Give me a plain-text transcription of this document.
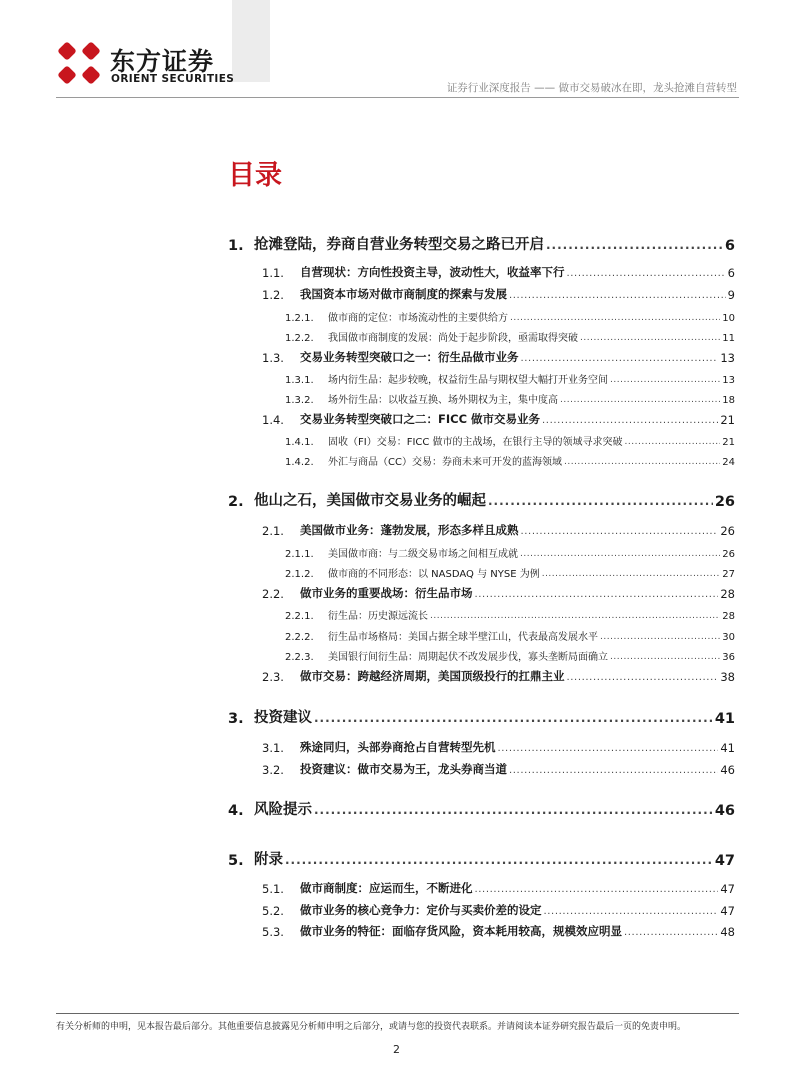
东方证券
ORIENT SECURITIES
证券行业深度报告 —— 做市交易破冰在即，龙头抢滩自营转型
目录
1. 抢滩登陆，券商自营业务转型交易之路已开启 .....	6
1.1.	自营现状：方向性投资主导，波动性大，收益率下行 .....	6
1.2.	我国资本市场对做市商制度的探索与发展 .....	9
1.2.1.	做市商的定位：市场流动性的主要供给方 .....	10
1.2.2.	我国做市商制度的发展：尚处于起步阶段，亟需取得突破 .....	11
1.3.	交易业务转型突破口之一：衍生品做市业务 .....	13
1.3.1.	场内衍生品：起步较晚，权益衍生品与期权望大幅打开业务空间 .....	13
1.3.2.	场外衍生品：以收益互换、场外期权为主，集中度高 .....	18
1.4.	交易业务转型突破口之二：FICC 做市交易业务 .....	21
1.4.1.	固收（FI）交易：FICC 做市的主战场，在银行主导的领域寻求突破 .....	21
1.4.2.	外汇与商品（CC）交易：券商未来可开发的蓝海领域 .....	24
2. 他山之石，美国做市交易业务的崛起 .....	26
2.1.	美国做市业务：蓬勃发展，形态多样且成熟 .....	26
2.1.1.	美国做市商：与二级交易市场之间相互成就 .....	26
2.1.2.	做市商的不同形态：以 NASDAQ 与 NYSE 为例 .....	27
2.2.	做市业务的重要战场：衍生品市场 .....	28
2.2.1.	衍生品：历史源远流长 .....	28
2.2.2.	衍生品市场格局：美国占据全球半壁江山，代表最高发展水平 .....	30
2.2.3.	美国银行间衍生品：周期起伏不改发展步伐，寡头垄断局面确立 .....	36
2.3.	做市交易：跨越经济周期，美国顶级投行的扛鼎主业 .....	38
3. 投资建议 .....	41
3.1.	殊途同归，头部券商抢占自营转型先机 .....	41
3.2.	投资建议：做市交易为王，龙头券商当道 .....	46
4. 风险提示 .....	46
5. 附录 .....	47
5.1.	做市商制度：应运而生，不断进化 .....	47
5.2.	做市业务的核心竞争力：定价与买卖价差的设定 .....	47
5.3.	做市业务的特征：面临存货风险，资本耗用较高，规模效应明显 .....	48
有关分析师的申明，见本报告最后部分。其他重要信息披露见分析师申明之后部分，或请与您的投资代表联系。并请阅读本证券研究报告最后一页的免责申明。
2
